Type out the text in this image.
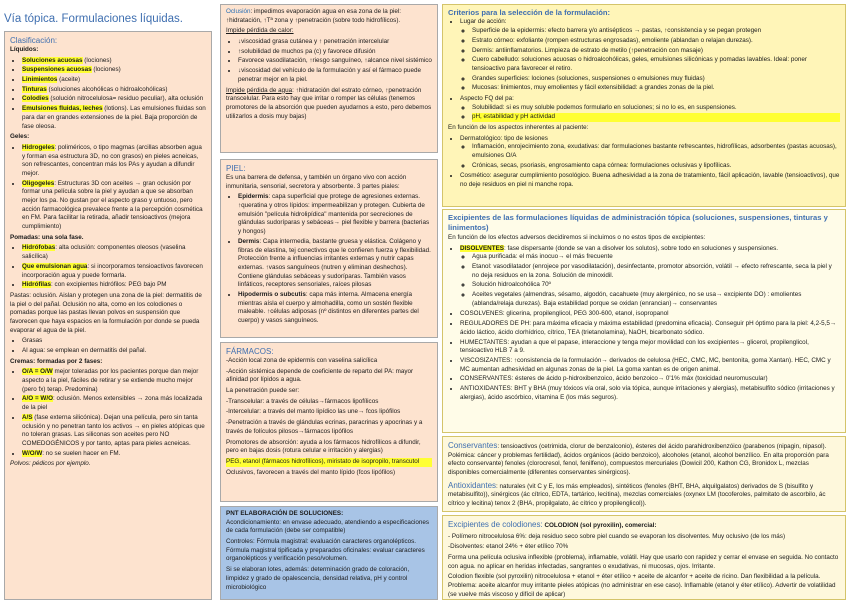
Vía tópica. Formulaciones líquidas.
Clasificación:

Líquidos:

• Soluciones acuosas (lociones)
• Suspensiones acuosas (lociones)
• Linimientos (aceite)
• Tinturas (soluciones alcohólicas o hidroalcohólicas)
• Colodies (solución nitrocelulosa= residuo peculiar), alta oclusión
• Emulsiones fluidas, leches (lotions). Las emulsiones fluidas son para dar en grandes extensiones de la piel. Baja proporción de fase oleosa.

Geles:

• Hidrogeles: poliméricos, o tipo magmas (arcillas absorben agua y forman esa estructura 3D, no con grasos) en pieles acneicas, son refrescantes, concentran más los PAs y ayudan a difundir mejor.
• Oligogeles: Estructuras 3D con aceites → gran oclusión por formar una película sobre la piel y ayudan a que se absorban mejor los pa. No gustan por el aspecto graso y untuoso, pero acción farmacológica prevalece frente a la percepción cosmética en FM. Para facilitar la retirada, añadir tensioactivos (mejora cumplimiento)

Pomadas: una sola fase.

• Hidrófobas: alta oclusión: componentes oleosos (vaselina salicílica)
• Que emulsionan agua: si incorporamos tensioactivos favorecen incorporación agua y puede formarla.
• Hidrófilas: con excipientes hidrófilos: PEG bajo PM

Pastas: oclusión. Aislan y protegen una zona de la piel: dermatitis de la piel o del pañal. Oclusión no alta, como en los colodiones o pomadas porque las pastas llevan polvos en suspensión que favorecen que haya espacios en la formulación por donde se pueda evaporar el agua de la piel.

• Grasas
• Al agua: se emplean en dermatitis del pañal.

Cremas: formadas por 2 fases:

• O/A = O/W mejor toleradas por los pacientes porque dan mejor aspecto a la piel, fáciles de retirar y se extiende mucho mejor (pero fx) terap. Predomina)
• A/O = W/O: oclusión. Menos extensibles → zona más localizada de la piel
• A/S (fase externa silicónica). Dejan una película, pero sin tanta oclusión y no penetran tanto los activos → en pieles atópicas que no toleran grasas. Las siliconas son aceites pero NO COMEDOGÉNICOS y por tanto, aptas para pieles acneicas.
• W/O/W: no se suelen hacer en FM.

Polvos: pédicos por ejemplo.

Oclusión: impedimos evaporación agua en esa zona de la piel: ↑hidratación, ↑Tª zona y ↑penetración (sobre todo hidrofílicos).

Impide pérdida de calor:

• ↓viscosidad grasa cutánea y ↑ penetración intercelular
• ↑solubilidad de muchos pa (c) y favorece difusión
• Favorece vasodilatación, ↑riesgo sanguíneo, ↑alcance nivel sistémico
• ↓viscosidad del vehículo de la formulación y así el fármaco puede penetrar mejor en la piel.

Impide pérdida de agua: ↑hidratación del estrato córneo, ↑penetración transcelular. Para esto hay que irritar o romper las células (tenemos promotores de la absorción que pueden ayudarnos a esto, pero debemos utilizarlos a dosis muy bajas)

PIEL:

Es una barrera de defensa, y también un órgano vivo con acción inmunitaria, sensorial, secretora y absorbente. 3 partes piales:

• Epidermis: capa superficial que protege de agresiones externas. ↑queratina y otros lípidos: impermeabilizan y protegen. Cubierta de emulsión "película hidrolipídica" mantenida por secreciones de glándulas sudoríparas y sebáceas→ piel flexible y barrera (bacterias y hongos)
• Dermis: Capa intermedia, bastante gruesa y elástica. Colágeno y fibras de elastina, tej conectivos que le confieren fuerza y flexibilidad. Protección frente a influencias irritantes externas y nutrir capas externas. ↑vasos sanguíneos (nutren y eliminan deshechos). Contiene glándulas sebáceas y sudoríparas. También vasos linfáticos, receptores sensoriales, raíces pilosas
• Hipodermis o subcutis: capa más interna. Almacena energía mientras aísla el cuerpo y almohadilla, como un sostén flexible maleable. ↑células adiposas (nº distintos en diferentes partes del cuerpo) y vasos sanguíneos.
FÁRMACOS:

-Acción local zona de epidermis con vaselina salicílica

-Acción sistémica depende de coeficiente de reparto del PA: mayor afinidad por lípidos a agua.

La penetración puede ser:

-Transcelular: a través de células→fármacos lipofílicos

-Intercelular: a través del manto lipídico las une→ fcos lipófilos

-Penetración a través de glándulas ecrinas, paracrinas y apocrinas y a través de folículos pilosos→fármacos lipófilos

Promotores de absorción: ayuda a los fármacos hidrofílicos a difundir, pero en bajas dosis (rotura celular e irritación y alergias)

PEG, etanol (fármacos hidrofílicos), miristato de isopropilo, transcutol

Oclusivos, favorecen a través del manto lípido (fcos lipófilos)

PNT ELABORACIÓN DE SOLUCIONES:

Acondicionamiento: en envase adecuado, atendiendo a especificaciones de cada formulación (debe ser compatible)

Controles: Fórmula magistral: evaluación caracteres organolépticos. Fórmula magistral tipificada y preparados oficinales: evaluar caracteres organolépticos y verificación peso/volumen.

Si se elaboran lotes, además: determinación grado de coloración, limpidez y grado de opalescencia, densidad relativa, pH y control microbiológico

Criterios para la selección de la formulación:
• Lugar de acción:
◦ Superficie de la epidermis: efecto barrera y/o antisépticos → pastas, ↑consistencia y se pegan protegen
◦ Estrato córneo: exfoliante (rompen estructuras engrosadas), emoliente (ablandan o relajan durezas).
◦ Dermis: antiinflamatorios. Limpieza de estrato de metilo (↑penetración con masaje)
◦ Cuero cabelludo: soluciones acuosas o hidroalcohólicas, geles, emulsiones silicónicas y pomadas lavables. Ideal: poner tensioactivo para favorecer el retiro.
◦ Grandes superficies: lociones (soluciones, suspensiones o emulsiones muy fluidas)
◦ Mucosas: linimientos, muy emolientes y fácil extensibilidad: a grandes zonas de la piel.
• Aspecto FQ del pa:
◦ Solubilidad: si es muy soluble podemos formularlo en soluciones; si no lo es, en suspensiones.
◦ pH, estabilidad y pH actividad

En función de los aspectos inherentes al paciente:

• Dermatológico: tipo de lesiones
◦ Inflamación, enrojecimiento zona, exudativas: dar formulaciones bastante refrescantes, hidrofílicas, adsorbentes (pastas acuosas), emulsiones O/A
◦ Crónicas, secas, psoriasis, engrosamiento capa córnea: formulaciones oclusivas y lipofílicas.
• Cosmético: asegurar cumplimiento posológico. Buena adhesividad a la zona de tratamiento, fácil aplicación, lavable (tensioactivos), que no deje residuos en piel ni manche ropa.
Excipientes de las formulaciones líquidas de administración tópica (soluciones, suspensiones, tinturas y linimentos)

En función de los efectos adversos decidiremos si incluimos o no estos tipos de excipientes:

• DISOLVENTES: fase dispersante (donde se van a disolver los solutos), sobre todo en soluciones y suspensiones.
◦ Agua purificada: el más inocuo→ el más frecuente
◦ Etanol: vasodilatador (enrojece por vasodilatación), desinfectante, promotor absorción, volátil → efecto refrescante, seca la piel y no deja residuos en la zona. Solución de minoxidil.
◦ Solución hidroalcohólica 70º
◦ Aceites vegetales (almendras, sésamo, algodón, cacahuete (muy alergénico, no se usa→ excipiente DO) : emolientes (ablanda/relaja durezas). Baja estabilidad porque se oxidan (enrancian)→ conservantes
• COSOLVENES: glicerina, propilenglicol, PEG 300-600, etanol, isopropanol
• REGULADORES DE PH: para máxima eficacia y máxima estabilidad (predomina eficacia). Conseguir pH óptimo para la piel: 4,2-5,5→ ácido láctico, ácido clorhídrico, cítrico, TEA (trietanolamina), NaOH, bicarbonato sódico.
• HUMECTANTES: ayudan a que el papase, interaccione y tenga mejor movilidad con los excipientes→ glicerol, propilenglicol, tensioactivo HLB 7 a 9.
• VISCOSIZANTES: ↑consistencia de la formulación→ derivados de celulosa (HEC, CMC, MC, bentonita, goma Xantan). HEC, CMC y MC aumentan adhesividad en algunas zonas de la piel. La goma xantan es de origen animal.
• CONSERVANTES: ésteres de ácido p-hidroxibenzoico, ácido benzoico→ 0'1% máx (toxicidad neuromuscular)
• ANTIOXIDANTES: BHT y BHA (muy tóxicos vía oral, solo vía tópica, aunque irritaciones y alergias), metabisulfito sódico (irritaciones y alergias), ácido ascórbico, vitamina E (los más seguros).

Conservantes: tensioactivos (cetrimida, clorur de benzalconio), ésteres del ácido parahidroxibenzóico (parabenos (nipagin, nipasol). Polémica: cáncer y problemas fertilidad), ácidos orgánicos (ácido benzoico), alcoholes (etanol, alcohol benzílico. En alta proporción para efecto conservante) fenoles (clorocresol, fenol, fenilfeno), compuestos mercuriales (Dowicil 200, Kathon CG, Bronidox L, mezclas disponibles comercialmente (diferentes conservantes sinérgicos).

Antioxidantes: naturales (vit C y E, los más empleados), sintéticos (fenoles (BHT, BHA, alquilgalatos) derivados de S (bisulfito y metabisulfito)), sinérgicos (ác cítrico, EDTA, tartárico, lecitina), mezclas comerciales (oxynex LM (tocoferoles, palmitato de ascorbilo, ác cítrico y lecitina) tenox 2 (BHA, propilgalato, ác cítrico y propilenglicol)).

Excipientes de colodiones: COLODION (sol pyroxilin), comercial:

- Polímero nitrocelulosa 6%: deja residuo seco sobre piel cuando se evaporan los disolventes. Muy oclusivo (de los más)

-Disolventes: etanol 24% + éter etílico 70%

Forma una película oclusiva inflexible (problema), inflamable, volátil. Hay que usarlo con rapidez y cerrar el envase en seguida. No contacto con agua. no aplicar en heridas infectadas, sangrantes o exudativas, ni mucosas, ojos. Irritante.

Colodion flexible (sol pyroxilin) nitrocelulosa + etanol + éter etílico + aceite de alcanfor + aceite de ricino. Dan flexibilidad a la película. Problema: aceite alcanfor muy irritante pieles atópicas (no administrar en ese caso). Inflamable (etanol y éter etílico). Advertir de volatilidad (se vuelve más viscoso y difícil de aplicar)
